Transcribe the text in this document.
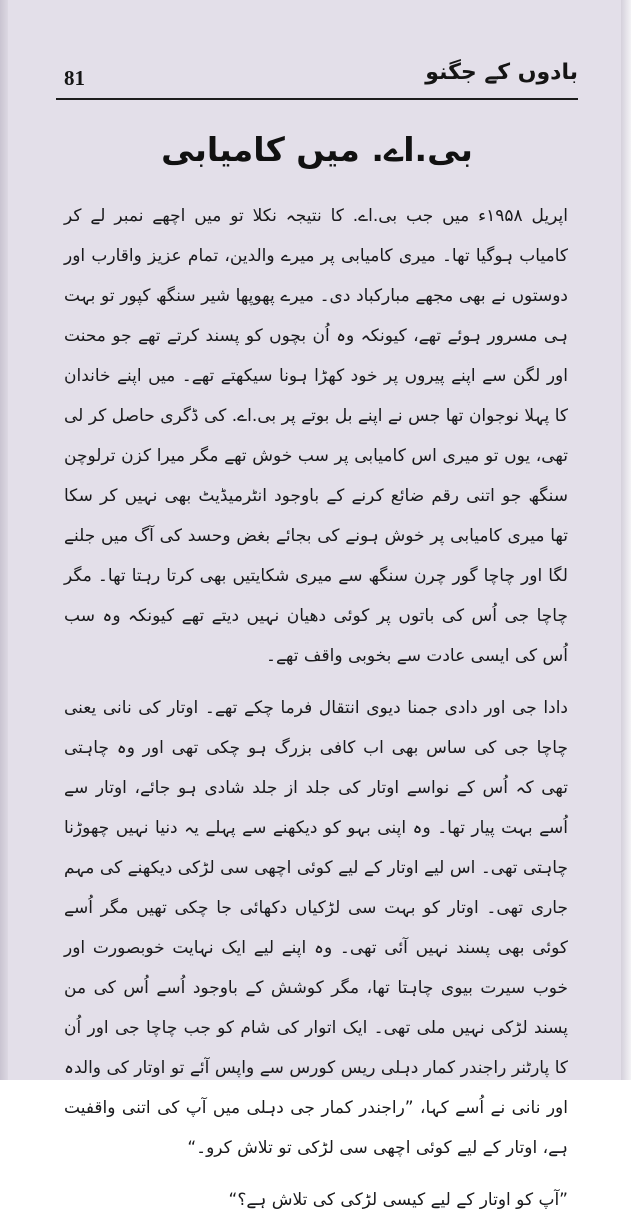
81	بادوں کے جگنو
بی.اے. میں کامیابی

اپریل ۱۹۵۸ء میں جب بی.اے. کا نتیجہ نکلا تو میں اچھے نمبر لے کر کامیاب ہوگیا تھا۔ میری کامیابی پر میرے والدین، تمام عزیز واقارب اور دوستوں نے بھی مجھے مبارکباد دی۔ میرے پھوپھا شیر سنگھ کپور تو بہت ہی مسرور ہوئے تھے، کیونکہ وہ اُن بچوں کو پسند کرتے تھے جو محنت اور لگن سے اپنے پیروں پر خود کھڑا ہونا سیکھتے تھے۔ میں اپنے خاندان کا پہلا نوجوان تھا جس نے اپنے بل بوتے پر بی.اے. کی ڈگری حاصل کر لی تھی، یوں تو میری اس کامیابی پر سب خوش تھے مگر میرا کزن ترلوچن سنگھ جو اتنی رقم ضائع کرنے کے باوجود انٹرمیڈیٹ بھی نہیں کر سکا تھا میری کامیابی پر خوش ہونے کی بجائے بغض وحسد کی آگ میں جلنے لگا اور چاچا گور چرن سنگھ سے میری شکایتیں بھی کرتا رہتا تھا۔ مگر چاچا جی اُس کی باتوں پر کوئی دھیان نہیں دیتے تھے کیونکہ وہ سب اُس کی ایسی عادت سے بخوبی واقف تھے۔

دادا جی اور دادی جمنا دیوی انتقال فرما چکے تھے۔ اوتار کی نانی یعنی چاچا جی کی ساس بھی اب کافی بزرگ ہو چکی تھی اور وہ چاہتی تھی کہ اُس کے نواسے اوتار کی جلد از جلد شادی ہو جائے، اوتار سے اُسے بہت پیار تھا۔ وہ اپنی بہو کو دیکھنے سے پہلے یہ دنیا نہیں چھوڑنا چاہتی تھی۔ اس لیے اوتار کے لیے کوئی اچھی سی لڑکی دیکھنے کی مہم جاری تھی۔ اوتار کو بہت سی لڑکیاں دکھائی جا چکی تھیں مگر اُسے کوئی بھی پسند نہیں آئی تھی۔ وہ اپنے لیے ایک نہایت خوبصورت اور خوب سیرت بیوی چاہتا تھا، مگر کوشش کے باوجود اُسے اُس کی من پسند لڑکی نہیں ملی تھی۔ ایک اتوار کی شام کو جب چاچا جی اور اُن کا پارٹنر راجندر کمار دہلی ریس کورس سے واپس آئے تو اوتار کی والدہ اور نانی نے اُسے کہا، ”راجندر کمار جی دہلی میں آپ کی اتنی واقفیت ہے، اوتار کے لیے کوئی اچھی سی لڑکی تو تلاش کرو۔“

”آپ کو اوتار کے لیے کیسی لڑکی کی تلاش ہے؟“
